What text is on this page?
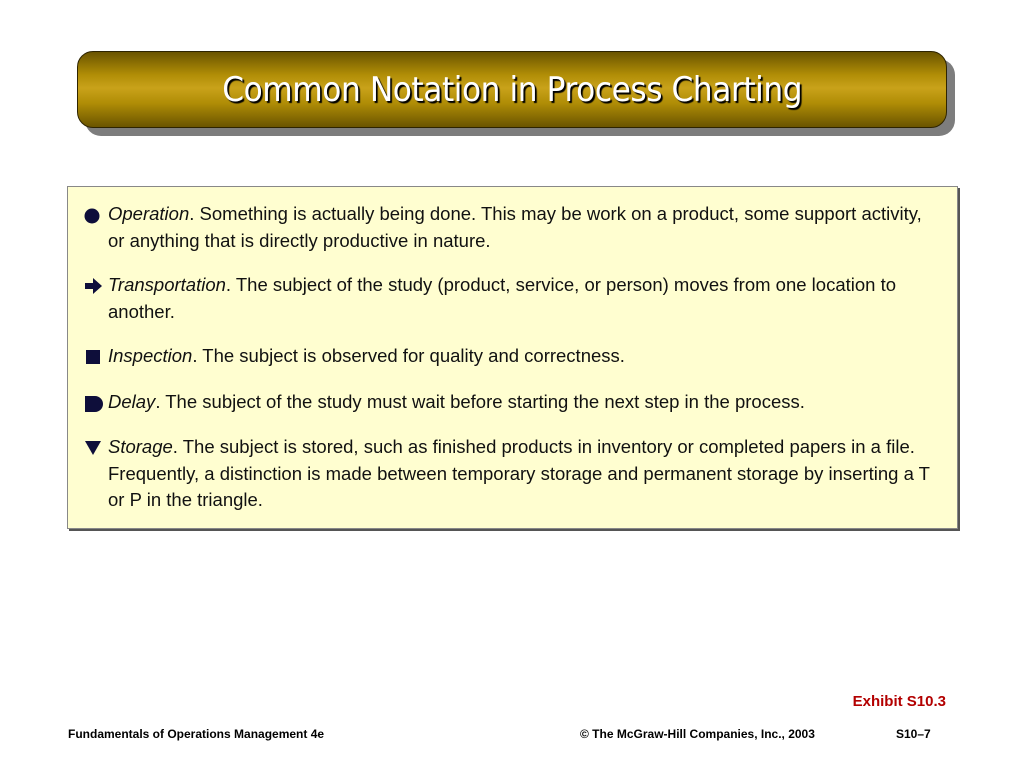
Common Notation in Process Charting
Operation. Something is actually being done. This may be work on a product, some support activity, or anything that is directly productive in nature.
Transportation. The subject of the study (product, service, or person) moves from one location to another.
Inspection. The subject is observed for quality and correctness.
Delay. The subject of the study must wait before starting the next step in the process.
Storage. The subject is stored, such as finished products in inventory or completed papers in a file. Frequently, a distinction is made between temporary storage and permanent storage by inserting a T or P in the triangle.
Exhibit S10.3
Fundamentals of Operations Management 4e	© The McGraw-Hill Companies, Inc., 2003	S10–7
